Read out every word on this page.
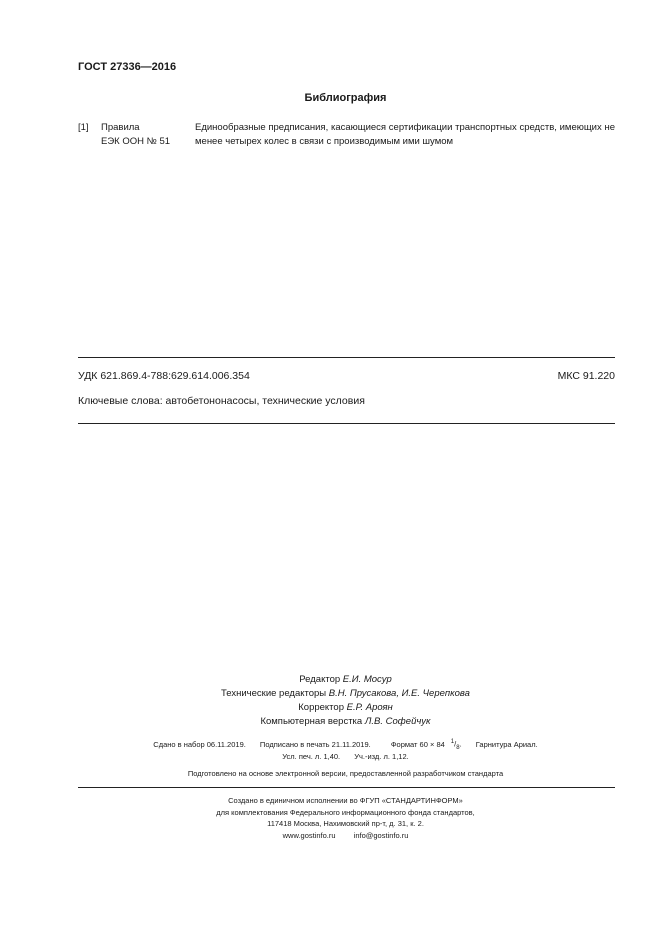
ГОСТ 27336—2016
Библиография
[1] Правила
ЕЭК ООН № 51
Единообразные предписания, касающиеся сертификации транспортных средств, имеющих не менее четырех колес в связи с производимым ими шумом
УДК 621.869.4-788:629.614.006.354	МКС 91.220
Ключевые слова: автобетононасосы, технические условия
Редактор Е.И. Мосур
Технические редакторы В.Н. Прусакова, И.Е. Черепкова
Корректор Е.Р. Ароян
Компьютерная верстка Л.В. Софейчук
Сдано в набор 06.11.2019. Подписано в печать 21.11.2019.	Формат 60 × 84 $^1/_8$. Гарнитура Ариал.
Усл. печ. л. 1,40. Уч.-изд. л. 1,12.
Подготовлено на основе электронной версии, предоставленной разработчиком стандарта
Создано в единичном исполнении во ФГУП «СТАНДАРТИНФОРМ»
для комплектования Федерального информационного фонда стандартов,
117418 Москва, Нахимовский пр-т, д. 31, к. 2.
www.gostinfo.ru info@gostinfo.ru
